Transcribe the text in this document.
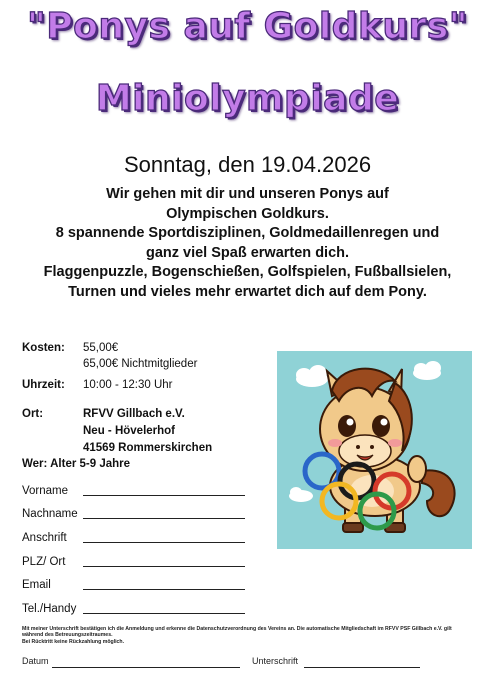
"Ponys auf Goldkurs"
Miniolympiade
Sonntag, den 19.04.2026
Wir gehen mit dir und unseren Ponys auf
Olympischen Goldkurs.
8 spannende Sportdisziplinen, Goldmedaillenregen und
ganz viel Spaß erwarten dich.
Flaggenpuzzle, Bogenschießen, Golfspielen, Fußballsielen,
Turnen und vieles mehr erwartet dich auf dem Pony.
Kosten: 55,00€
65,00€ Nichtmitglieder
Uhrzeit: 10:00 - 12:30 Uhr
Ort:	RFVV Gillbach e.V.
Neu - Hövelerhof
41569 Rommerskirchen
Wer: Alter 5-9 Jahre
Vorname
Nachname
Anschrift
PLZ/ Ort
Email
Tel./Handy
Mit meiner Unterschrift bestätigen ich die Anmeldung und erkenne die Datenschutzverordnung des Vereins an. Die automatische Mitgliedschaft im RFVV PSF Gillbach e.V. gilt
während des Betreuungszeitraumes.
Bei Rücktritt keine Rückzahlung möglich.
Datum	Unterschrift
